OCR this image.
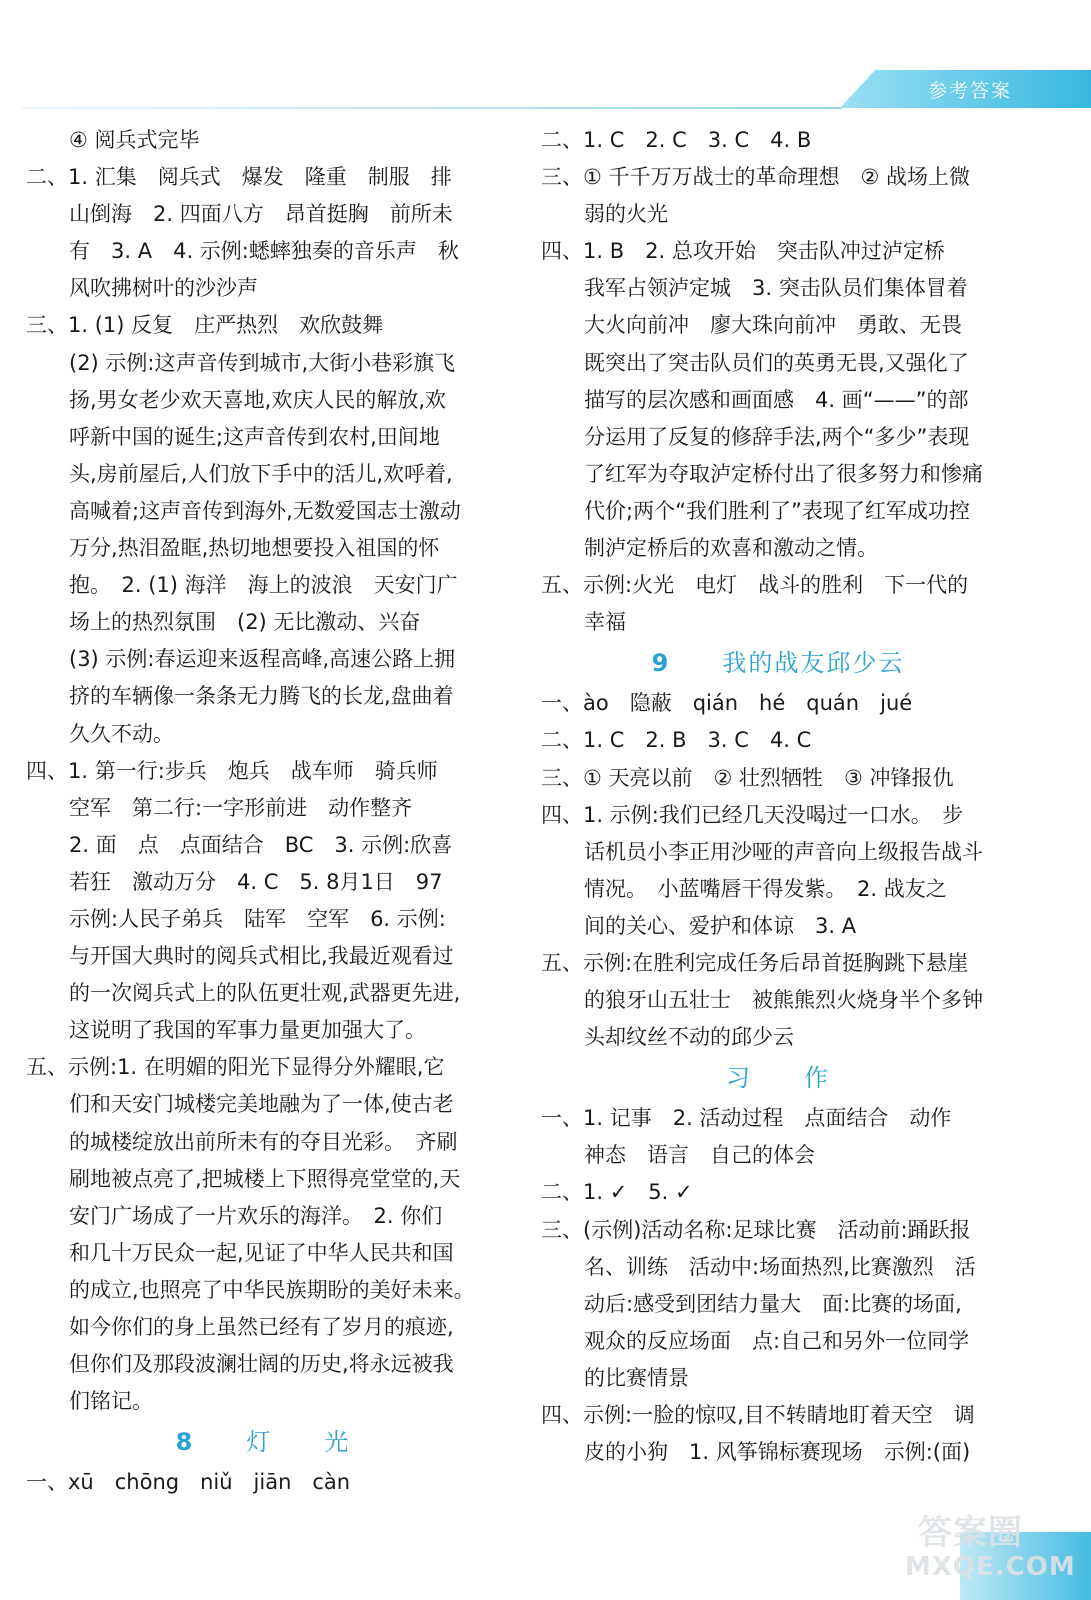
参考答案
④ 阅兵式完毕
二、1. 汇集　阅兵式　爆发　隆重　制服　排
山倒海　2. 四面八方　昂首挺胸　前所未
有　3. A　4. 示例:蟋蟀独奏的音乐声　秋
风吹拂树叶的沙沙声
三、1. (1) 反复　庄严热烈　欢欣鼓舞
(2) 示例:这声音传到城市,大街小巷彩旗飞
扬,男女老少欢天喜地,欢庆人民的解放,欢
呼新中国的诞生;这声音传到农村,田间地
头,房前屋后,人们放下手中的活儿,欢呼着,
高喊着;这声音传到海外,无数爱国志士激动
万分,热泪盈眶,热切地想要投入祖国的怀
抱。　2. (1) 海洋　海上的波浪　天安门广
场上的热烈氛围　(2) 无比激动、兴奋
(3) 示例:春运迎来返程高峰,高速公路上拥
挤的车辆像一条条无力腾飞的长龙,盘曲着
久久不动。
四、1. 第一行:步兵　炮兵　战车师　骑兵师
空军　第二行:一字形前进　动作整齐
2. 面　点　点面结合　BC　3. 示例:欣喜
若狂　激动万分　4. C　5. 8月1日　97
示例:人民子弟兵　陆军　空军　6. 示例:
与开国大典时的阅兵式相比,我最近观看过
的一次阅兵式上的队伍更壮观,武器更先进,
这说明了我国的军事力量更加强大了。
五、示例:1. 在明媚的阳光下显得分外耀眼,它
们和天安门城楼完美地融为了一体,使古老
的城楼绽放出前所未有的夺目光彩。　齐刷
刷地被点亮了,把城楼上下照得亮堂堂的,天
安门广场成了一片欢乐的海洋。　2. 你们
和几十万民众一起,见证了中华人民共和国
的成立,也照亮了中华民族期盼的美好未来。
如今你们的身上虽然已经有了岁月的痕迹,
但你们及那段波澜壮阔的历史,将永远被我
们铭记。
8　　 灯　　光
一、xū　chōng　niǔ　jiān　càn
二、1. C　2. C　3. C　4. B
三、① 千千万万战士的革命理想　② 战场上微
弱的火光
四、1. B　2. 总攻开始　突击队冲过泸定桥
我军占领泸定城　3. 突击队员们集体冒着
大火向前冲　廖大珠向前冲　勇敢、无畏
既突出了突击队员们的英勇无畏,又强化了
描写的层次感和画面感　4. 画“——”的部
分运用了反复的修辞手法,两个“多少”表现
了红军为夺取泸定桥付出了很多努力和惨痛
代价;两个“我们胜利了”表现了红军成功控
制泸定桥后的欢喜和激动之情。
五、示例:火光　电灯　战斗的胜利　下一代的
幸福
9　　 我的战友邱少云
一、ào　隐蔽　qián　hé　quán　jué
二、1. C　2. B　3. C　4. C
三、① 天亮以前　② 壮烈牺牲　③ 冲锋报仇
四、1. 示例:我们已经几天没喝过一口水。　步
话机员小李正用沙哑的声音向上级报告战斗
情况。　小蓝嘴唇干得发紫。　2. 战友之
间的关心、爱护和体谅　3. A
五、示例:在胜利完成任务后昂首挺胸跳下悬崖
的狼牙山五壮士　被熊熊烈火烧身半个多钟
头却纹丝不动的邱少云
习　　作
一、1. 记事　2. 活动过程　点面结合　动作
神态　语言　自己的体会
二、1. ✓　5. ✓
三、(示例)活动名称:足球比赛　活动前:踊跃报
名、训练　活动中:场面热烈,比赛激烈　活
动后:感受到团结力量大　面:比赛的场面,
观众的反应场面　点:自己和另外一位同学
的比赛情景
四、示例:一脸的惊叹,目不转睛地盯着天空　调
皮的小狗　1. 风筝锦标赛现场　示例:(面)
答案圈
MXQE.COM
